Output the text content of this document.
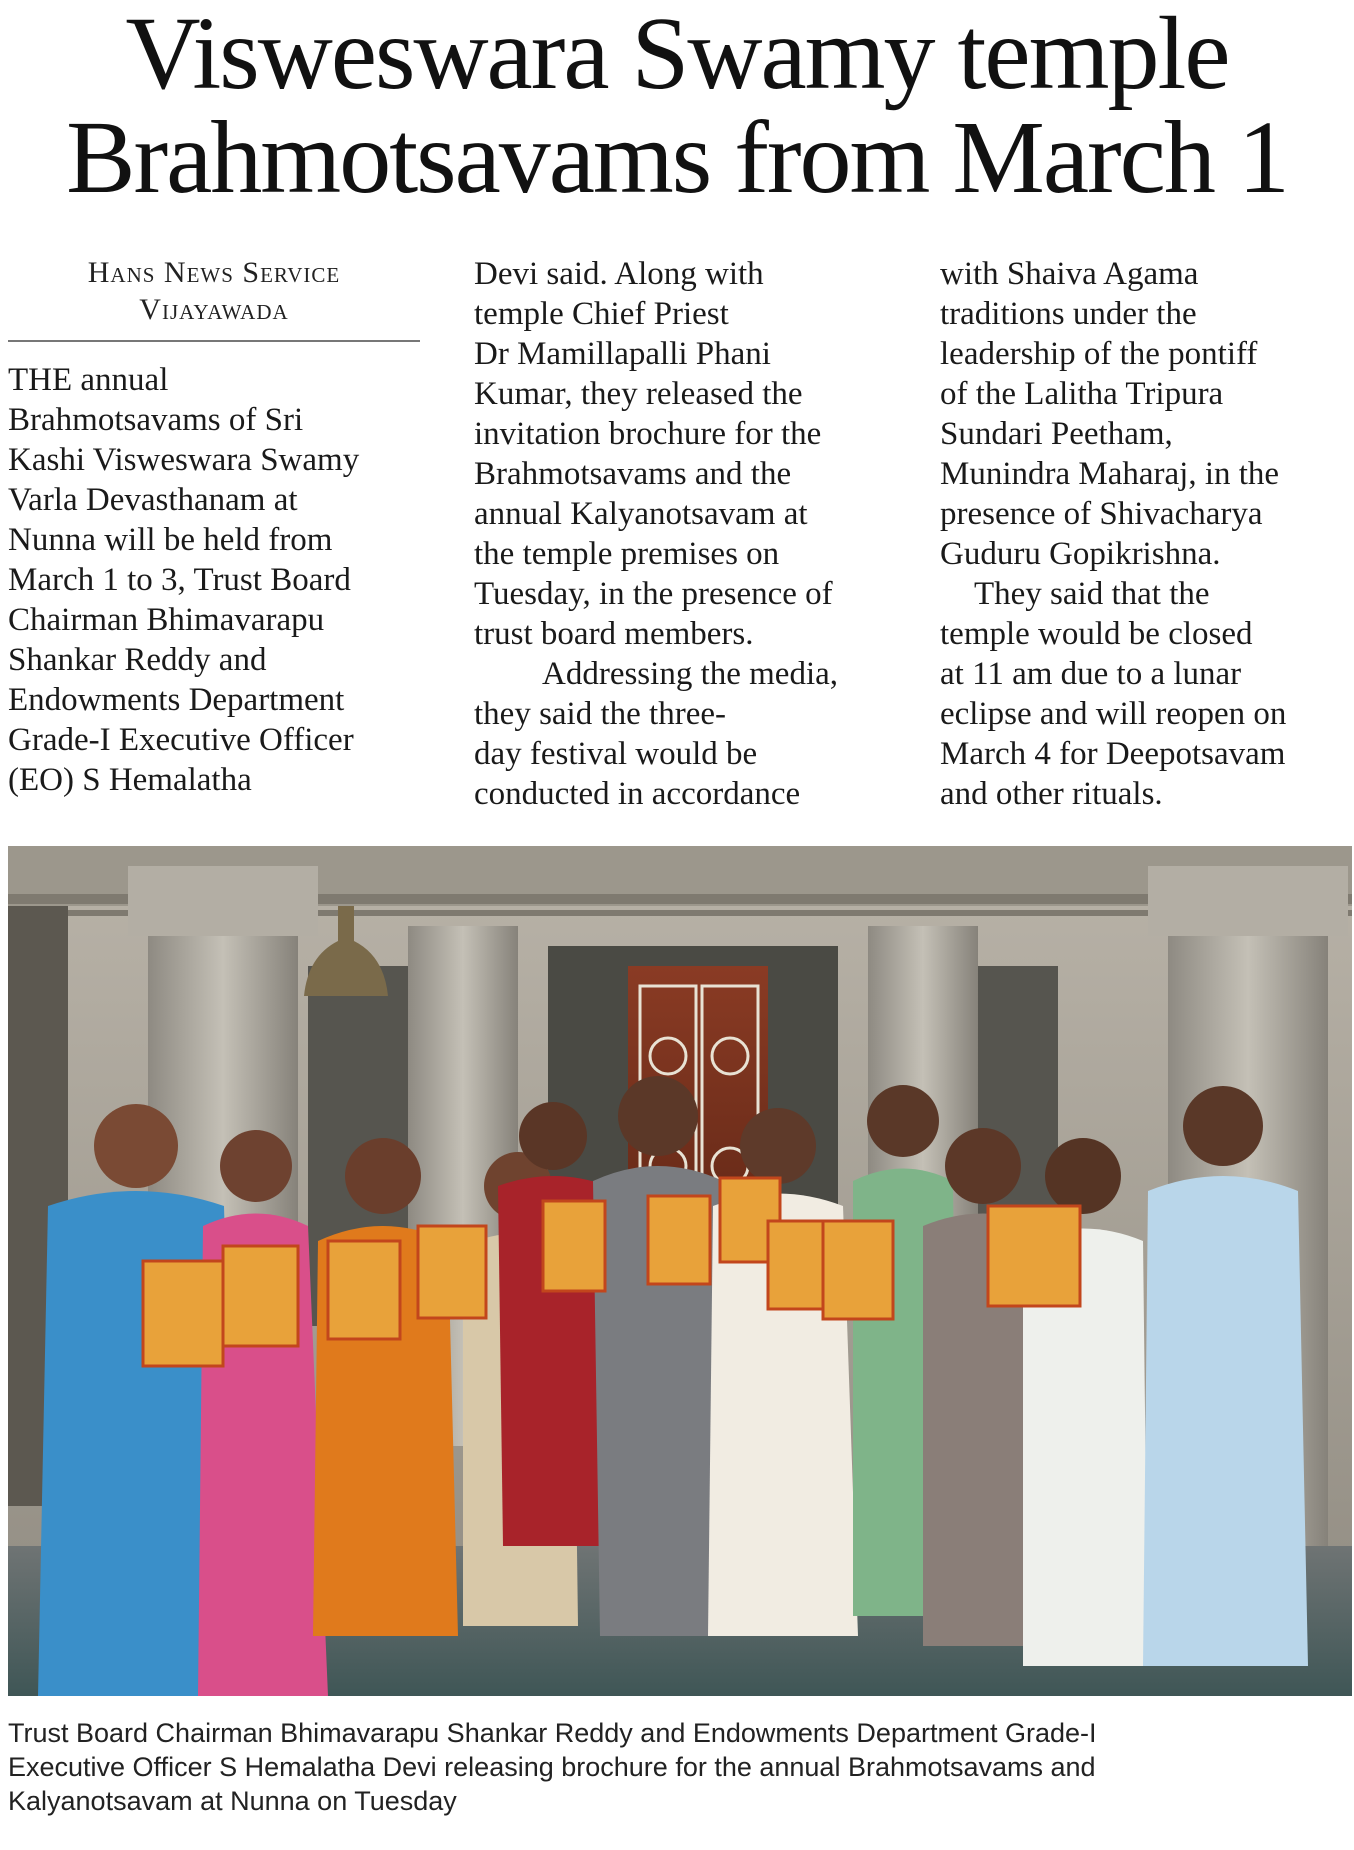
Visweswara Swamy temple
Brahmotsavams from March 1
Hans News Service
Vijayawada
THE annual
Brahmotsavams of Sri
Kashi Visweswara Swamy
Varla Devasthanam at
Nunna will be held from
March 1 to 3, Trust Board
Chairman Bhimavarapu
Shankar Reddy and
Endowments Department
Grade-I Executive Officer
(EO) S Hemalatha
Devi said. Along with
temple Chief Priest
Dr Mamillapalli Phani
Kumar, they released the
invitation brochure for the
Brahmotsavams and the
annual Kalyanotsavam at
the temple premises on
Tuesday, in the presence of
trust board members.
Addressing the media,
they said the three-
day festival would be
conducted in accordance
with Shaiva Agama
traditions under the
leadership of the pontiff
of the Lalitha Tripura
Sundari Peetham,
Munindra Maharaj, in the
presence of Shivacharya
Guduru Gopikrishna.
They said that the
temple would be closed
at 11 am due to a lunar
eclipse and will reopen on
March 4 for Deepotsavam
and other rituals.
Trust Board Chairman Bhimavarapu Shankar Reddy and Endowments Department Grade-I
Executive Officer S Hemalatha Devi releasing brochure for the annual Brahmotsavams and
Kalyanotsavam at Nunna on Tuesday
